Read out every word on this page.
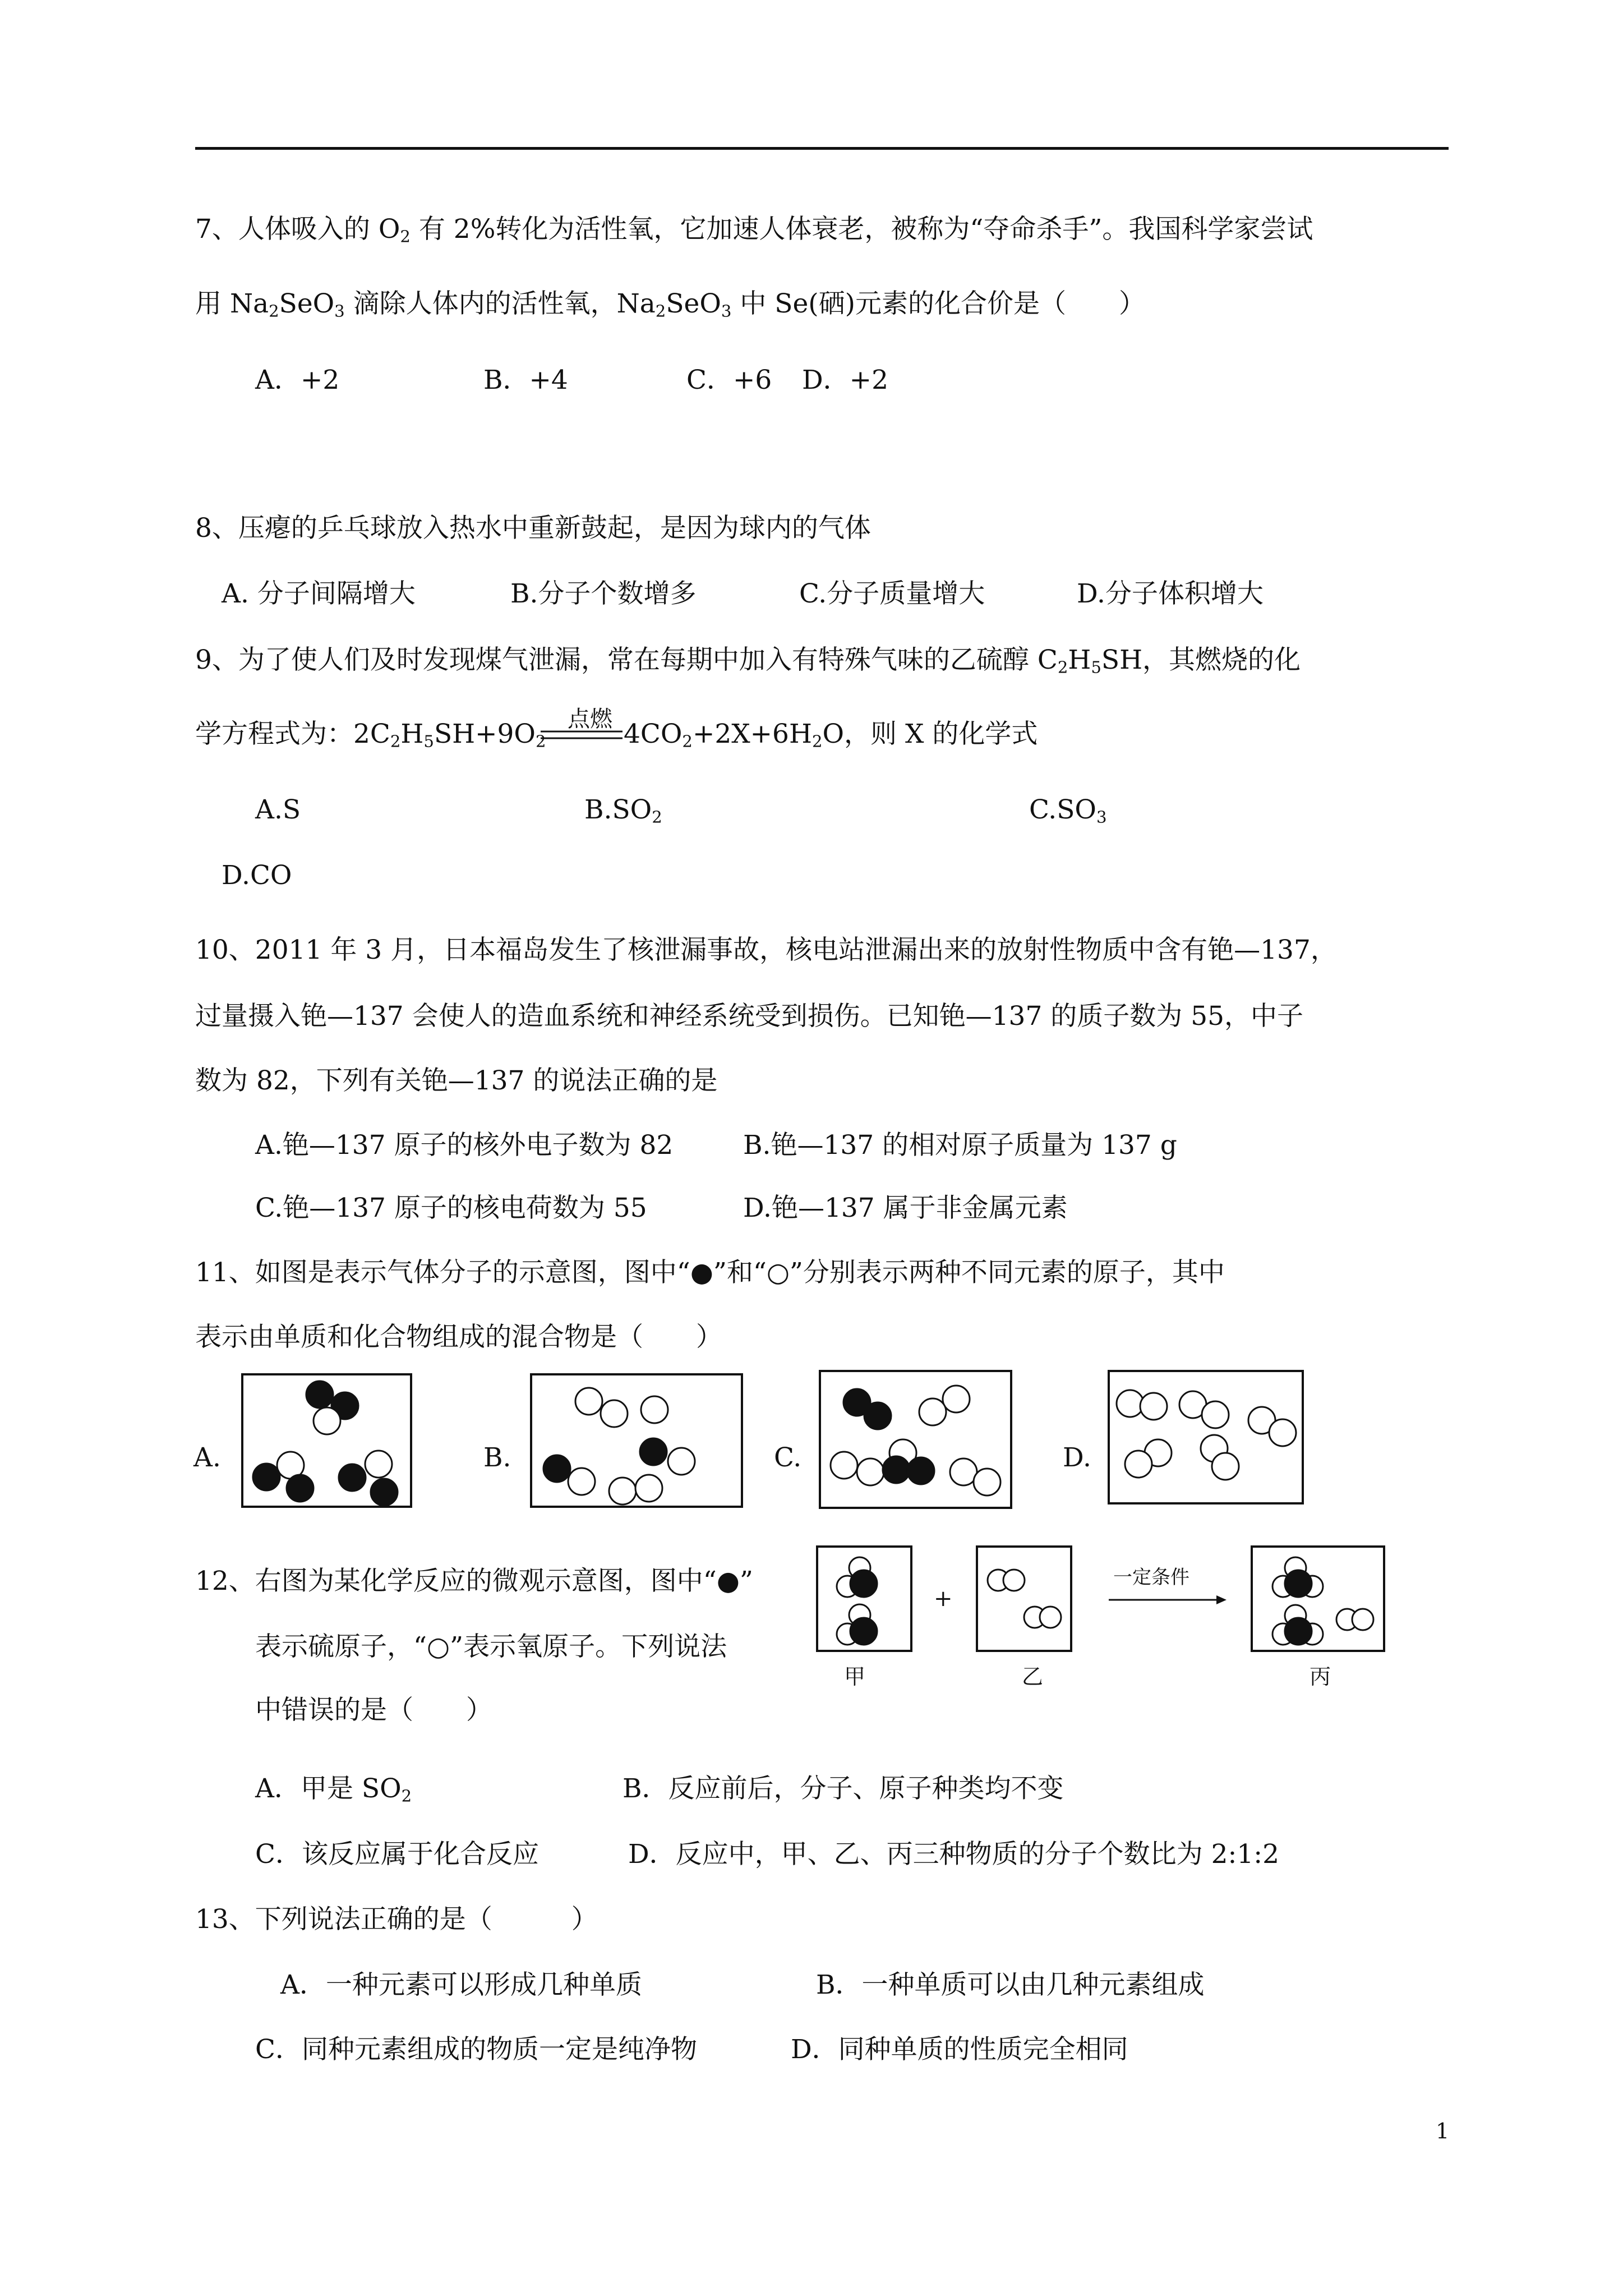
7、人体吸入的 $O_2$ 有 2%转化为活性氧，它加速人体衰老，被称为“夺命杀手”。我国科学家尝试
用 $Na_2SeO_3$ 滴除人体内的活性氧，$Na_2SeO_3$ 中 Se(硒)元素的化合价是（　　）
A．+2	B．+4	C．+6 D．+2
8、压瘪的乒乓球放入热水中重新鼓起，是因为球内的气体
A. 分子间隔增大	B.分子个数增多	C.分子质量增大	D.分子体积增大
9、为了使人们及时发现煤气泄漏，常在每期中加入有特殊气味的乙硫醇 $C_2H_5SH$，其燃烧的化
学方程式为：$2C_2H_5SH+9O_2$
点燃 $4CO_2+2X+6H_2O$，则 X 的化学式
A.S	$B.SO_2$	$C.SO_3$
D.CO
10、2011 年 3 月，日本福岛发生了核泄漏事故，核电站泄漏出来的放射性物质中含有铯—137，
过量摄入铯—137 会使人的造血系统和神经系统受到损伤。已知铯—137 的质子数为 55，中子
数为 82，下列有关铯—137 的说法正确的是
A.铯—137 原子的核外电子数为 82	B.铯—137 的相对原子质量为 137 g
C.铯—137 原子的核电荷数为 55	D.铯—137 属于非金属元素
11、如图是表示气体分子的示意图，图中“●”和“○”分别表示两种不同元素的原子，其中
表示由单质和化合物组成的混合物是（　　）
A.	B.	C.	D.
12、右图为某化学反应的微观示意图，图中“●”
表示硫原子，“○”表示氧原子。下列说法
中错误的是（　　）
+
一定条件
甲	乙	丙
A．甲是 $SO_2$	B．反应前后，分子、原子种类均不变
C．该反应属于化合反应	D．反应中，甲、乙、丙三种物质的分子个数比为 2:1:2
13、下列说法正确的是（　　　）
A．一种元素可以形成几种单质	B．一种单质可以由几种元素组成
C．同种元素组成的物质一定是纯净物	D．同种单质的性质完全相同
1
